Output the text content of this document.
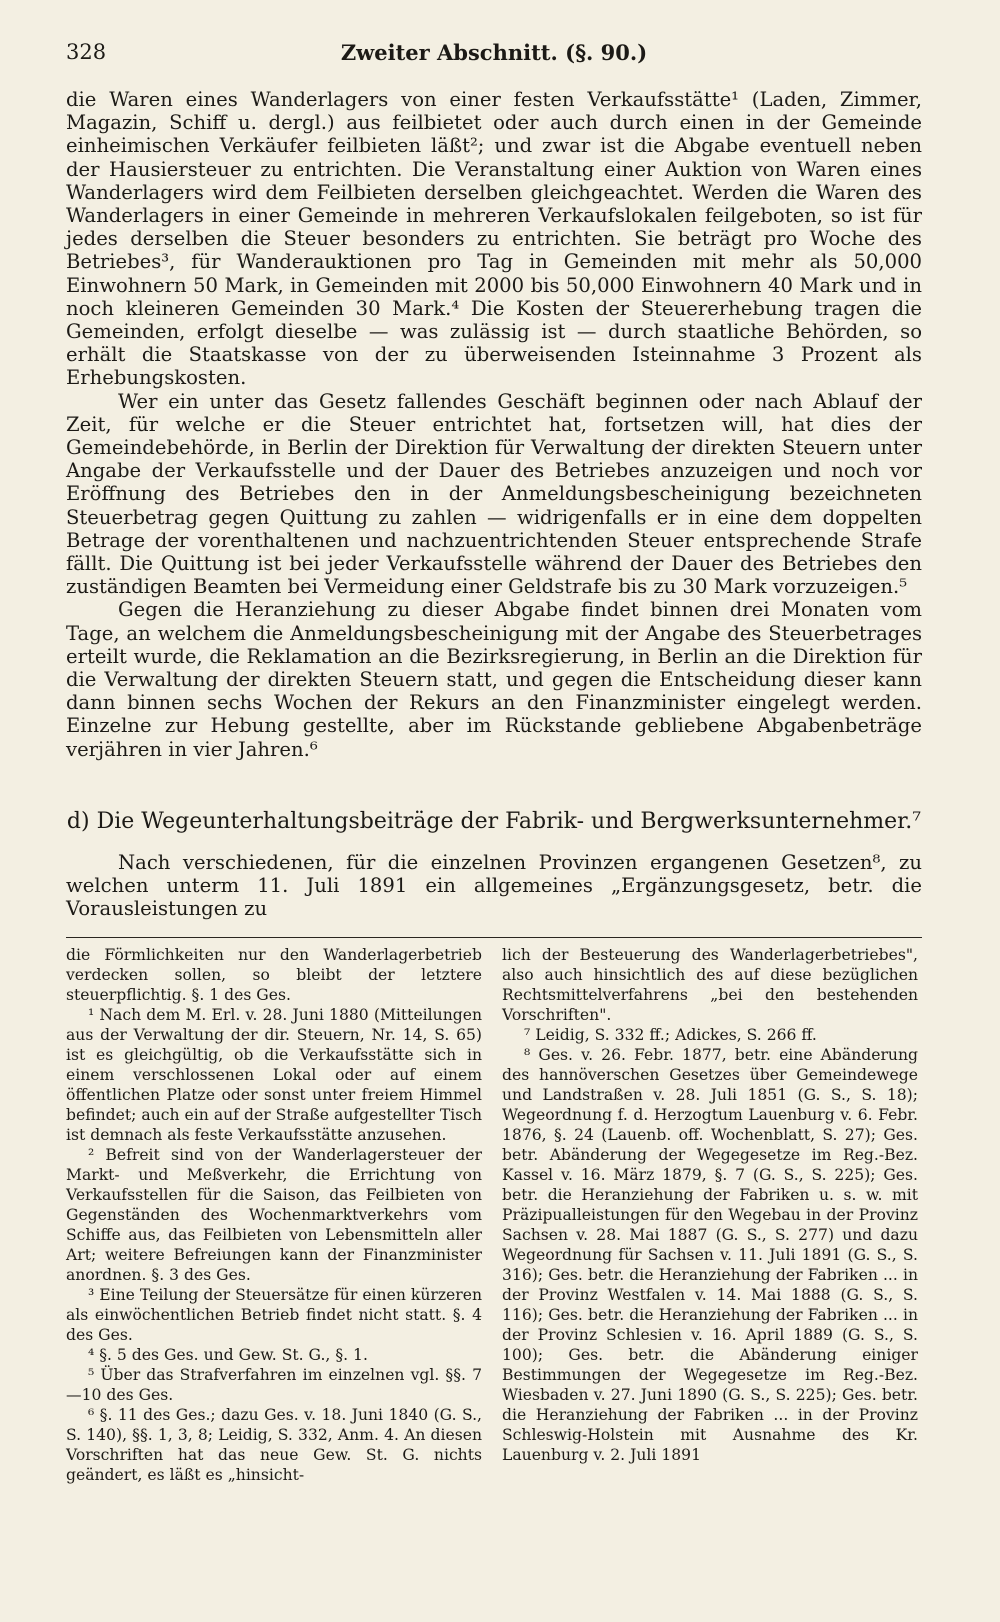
328	Zweiter Abschnitt. (§. 90.)

die Waren eines Wanderlagers von einer festen Verkaufsstätte¹ (Laden, Zimmer, Magazin, Schiff u. dergl.) aus feilbietet oder auch durch einen in der Gemeinde einheimischen Verkäufer feilbieten läßt²; und zwar ist die Abgabe eventuell neben der Hausiersteuer zu entrichten. Die Veranstaltung einer Auktion von Waren eines Wanderlagers wird dem Feilbieten derselben gleichgeachtet. Werden die Waren des Wanderlagers in einer Gemeinde in mehreren Verkaufslokalen feilgeboten, so ist für jedes derselben die Steuer besonders zu entrichten. Sie beträgt pro Woche des Betriebes³, für Wanderauktionen pro Tag in Gemeinden mit mehr als 50,000 Einwohnern 50 Mark, in Gemeinden mit 2000 bis 50,000 Einwohnern 40 Mark und in noch kleineren Gemeinden 30 Mark.⁴ Die Kosten der Steuererhebung tragen die Gemeinden, erfolgt dieselbe — was zulässig ist — durch staatliche Behörden, so erhält die Staatskasse von der zu überweisenden Isteinnahme 3 Prozent als Erhebungskosten.

Wer ein unter das Gesetz fallendes Geschäft beginnen oder nach Ablauf der Zeit, für welche er die Steuer entrichtet hat, fortsetzen will, hat dies der Gemeindebehörde, in Berlin der Direktion für Verwaltung der direkten Steuern unter Angabe der Verkaufsstelle und der Dauer des Betriebes anzuzeigen und noch vor Eröffnung des Betriebes den in der Anmeldungsbescheinigung bezeichneten Steuerbetrag gegen Quittung zu zahlen — widrigenfalls er in eine dem doppelten Betrage der vorenthaltenen und nachzuentrichtenden Steuer entsprechende Strafe fällt. Die Quittung ist bei jeder Verkaufsstelle während der Dauer des Betriebes den zuständigen Beamten bei Vermeidung einer Geldstrafe bis zu 30 Mark vorzuzeigen.⁵

Gegen die Heranziehung zu dieser Abgabe findet binnen drei Monaten vom Tage, an welchem die Anmeldungsbescheinigung mit der Angabe des Steuerbetrages erteilt wurde, die Reklamation an die Bezirksregierung, in Berlin an die Direktion für die Verwaltung der direkten Steuern statt, und gegen die Entscheidung dieser kann dann binnen sechs Wochen der Rekurs an den Finanzminister eingelegt werden. Einzelne zur Hebung gestellte, aber im Rückstande gebliebene Abgabenbeträge verjähren in vier Jahren.⁶

d) Die Wegeunterhaltungsbeiträge der Fabrik- und Bergwerksunternehmer.⁷

Nach verschiedenen, für die einzelnen Provinzen ergangenen Gesetzen⁸, zu welchen unterm 11. Juli 1891 ein allgemeines „Ergänzungsgesetz, betr. die Vorausleistungen zu

die Förmlichkeiten nur den Wanderlagerbetrieb verdecken sollen, so bleibt der letztere steuerpflichtig. §. 1 des Ges.

¹ Nach dem M. Erl. v. 28. Juni 1880 (Mitteilungen aus der Verwaltung der dir. Steuern, Nr. 14, S. 65) ist es gleichgültig, ob die Verkaufsstätte sich in einem verschlossenen Lokal oder auf einem öffentlichen Platze oder sonst unter freiem Himmel befindet; auch ein auf der Straße aufgestellter Tisch ist demnach als feste Verkaufsstätte anzusehen.

² Befreit sind von der Wanderlagersteuer der Markt- und Meßverkehr, die Errichtung von Verkaufsstellen für die Saison, das Feilbieten von Gegenständen des Wochenmarktverkehrs vom Schiffe aus, das Feilbieten von Lebensmitteln aller Art; weitere Befreiungen kann der Finanzminister anordnen. §. 3 des Ges.

³ Eine Teilung der Steuersätze für einen kürzeren als einwöchentlichen Betrieb findet nicht statt. §. 4 des Ges.

⁴ §. 5 des Ges. und Gew. St. G., §. 1.

⁵ Über das Strafverfahren im einzelnen vgl. §§. 7—10 des Ges.

⁶ §. 11 des Ges.; dazu Ges. v. 18. Juni 1840 (G. S., S. 140), §§. 1, 3, 8; Leidig, S. 332, Anm. 4. An diesen Vorschriften hat das neue Gew. St. G. nichts geändert, es läßt es „hinsicht-

lich der Besteuerung des Wanderlagerbetriebes", also auch hinsichtlich des auf diese bezüglichen Rechtsmittelverfahrens „bei den bestehenden Vorschriften".

⁷ Leidig, S. 332 ff.; Adickes, S. 266 ff.

⁸ Ges. v. 26. Febr. 1877, betr. eine Abänderung des hannöverschen Gesetzes über Gemeindewege und Landstraßen v. 28. Juli 1851 (G. S., S. 18); Wegeordnung f. d. Herzogtum Lauenburg v. 6. Febr. 1876, §. 24 (Lauenb. off. Wochenblatt, S. 27); Ges. betr. Abänderung der Wegegesetze im Reg.-Bez. Kassel v. 16. März 1879, §. 7 (G. S., S. 225); Ges. betr. die Heranziehung der Fabriken u. s. w. mit Präzipualleistungen für den Wegebau in der Provinz Sachsen v. 28. Mai 1887 (G. S., S. 277) und dazu Wegeordnung für Sachsen v. 11. Juli 1891 (G. S., S. 316); Ges. betr. die Heranziehung der Fabriken ... in der Provinz Westfalen v. 14. Mai 1888 (G. S., S. 116); Ges. betr. die Heranziehung der Fabriken ... in der Provinz Schlesien v. 16. April 1889 (G. S., S. 100); Ges. betr. die Abänderung einiger Bestimmungen der Wegegesetze im Reg.-Bez. Wiesbaden v. 27. Juni 1890 (G. S., S. 225); Ges. betr. die Heranziehung der Fabriken ... in der Provinz Schleswig-Holstein mit Ausnahme des Kr. Lauenburg v. 2. Juli 1891
